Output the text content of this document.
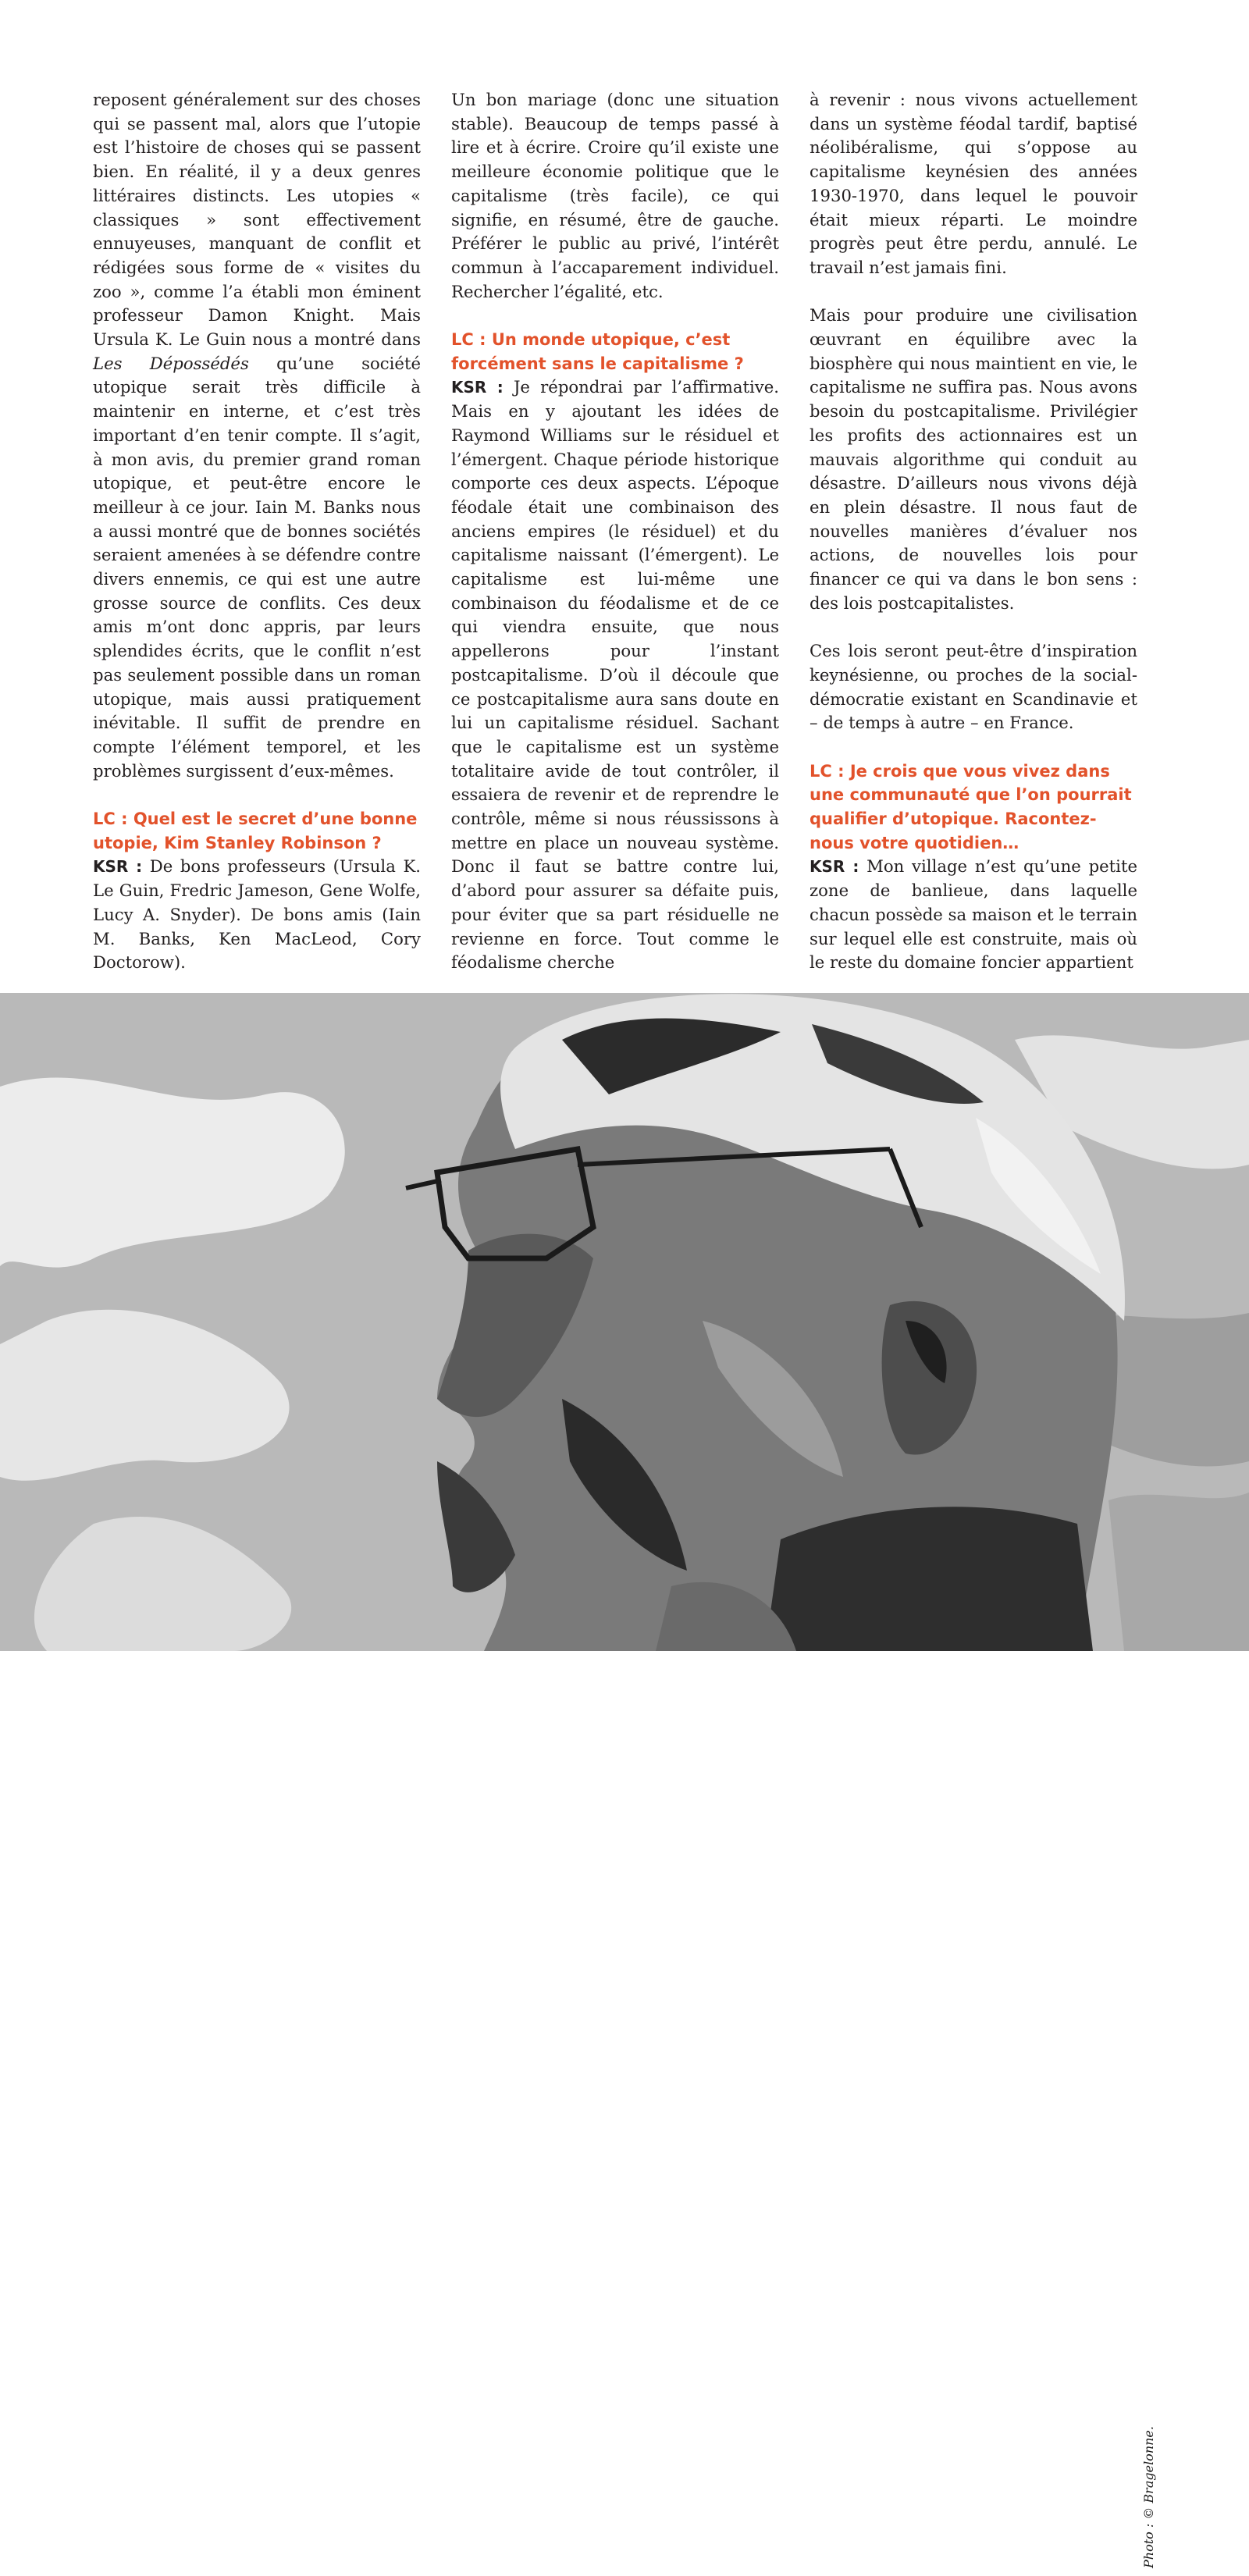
reposent généralement sur des choses qui se passent mal, alors que l’utopie est l’histoire de choses qui se passent bien. En réalité, il y a deux genres littéraires distincts. Les utopies « classiques » sont effectivement ennuyeuses, manquant de conflit et rédigées sous forme de « visites du zoo », comme l’a établi mon éminent professeur Damon Knight. Mais Ursula K. Le Guin nous a montré dans Les Dépossédés qu’une société utopique serait très difficile à maintenir en interne, et c’est très important d’en tenir compte. Il s’agit, à mon avis, du premier grand roman utopique, et peut-être encore le meilleur à ce jour. Iain M. Banks nous a aussi montré que de bonnes sociétés seraient amenées à se défendre contre divers ennemis, ce qui est une autre grosse source de conflits. Ces deux amis m’ont donc appris, par leurs splendides écrits, que le conflit n’est pas seulement possible dans un roman utopique, mais aussi pratiquement inévitable. Il suffit de prendre en compte l’élément temporel, et les problèmes surgissent d’eux-mêmes.

LC : Quel est le secret d’une bonne utopie, Kim Stanley Robinson ?

KSR : De bons professeurs (Ursula K. Le Guin, Fredric Jameson, Gene Wolfe, Lucy A. Snyder). De bons amis (Iain M. Banks, Ken MacLeod, Cory Doctorow).

Un bon mariage (donc une situation stable). Beaucoup de temps passé à lire et à écrire. Croire qu’il existe une meilleure économie politique que le capitalisme (très facile), ce qui signifie, en résumé, être de gauche. Préférer le public au privé, l’intérêt commun à l’accaparement individuel. Rechercher l’égalité, etc.

LC : Un monde utopique, c’est forcément sans le capitalisme ?

KSR : Je répondrai par l’affirmative. Mais en y ajoutant les idées de Raymond Williams sur le résiduel et l’émergent. Chaque période historique comporte ces deux aspects. L’époque féodale était une combinaison des anciens empires (le résiduel) et du capitalisme naissant (l’émergent). Le capitalisme est lui-même une combinaison du féodalisme et de ce qui viendra ensuite, que nous appellerons pour l’instant postcapitalisme. D’où il découle que ce postcapitalisme aura sans doute en lui un capitalisme résiduel. Sachant que le capitalisme est un système totalitaire avide de tout contrôler, il essaiera de revenir et de reprendre le contrôle, même si nous réussissons à mettre en place un nouveau système. Donc il faut se battre contre lui, d’abord pour assurer sa défaite puis, pour éviter que sa part résiduelle ne revienne en force. Tout comme le féodalisme cherche

à revenir : nous vivons actuellement dans un système féodal tardif, baptisé néolibéralisme, qui s’oppose au capitalisme keynésien des années 1930-1970, dans lequel le pouvoir était mieux réparti. Le moindre progrès peut être perdu, annulé. Le travail n’est jamais fini.

Mais pour produire une civilisation œuvrant en équilibre avec la biosphère qui nous maintient en vie, le capitalisme ne suffira pas. Nous avons besoin du postcapitalisme. Privilégier les profits des actionnaires est un mauvais algorithme qui conduit au désastre. D’ailleurs nous vivons déjà en plein désastre. Il nous faut de nouvelles manières d’évaluer nos actions, de nouvelles lois pour financer ce qui va dans le bon sens : des lois postcapitalistes.

Ces lois seront peut-être d’inspiration keynésienne, ou proches de la social-démocratie existant en Scandinavie et – de temps à autre – en France.

LC : Je crois que vous vivez dans une communauté que l’on pourrait qualifier d’utopique. Racontez-nous votre quotidien…

KSR : Mon village n’est qu’une petite zone de banlieue, dans laquelle chacun possède sa maison et le terrain sur lequel elle est construite, mais où le reste du domaine foncier appartient

Photo : © Bragelonne.
